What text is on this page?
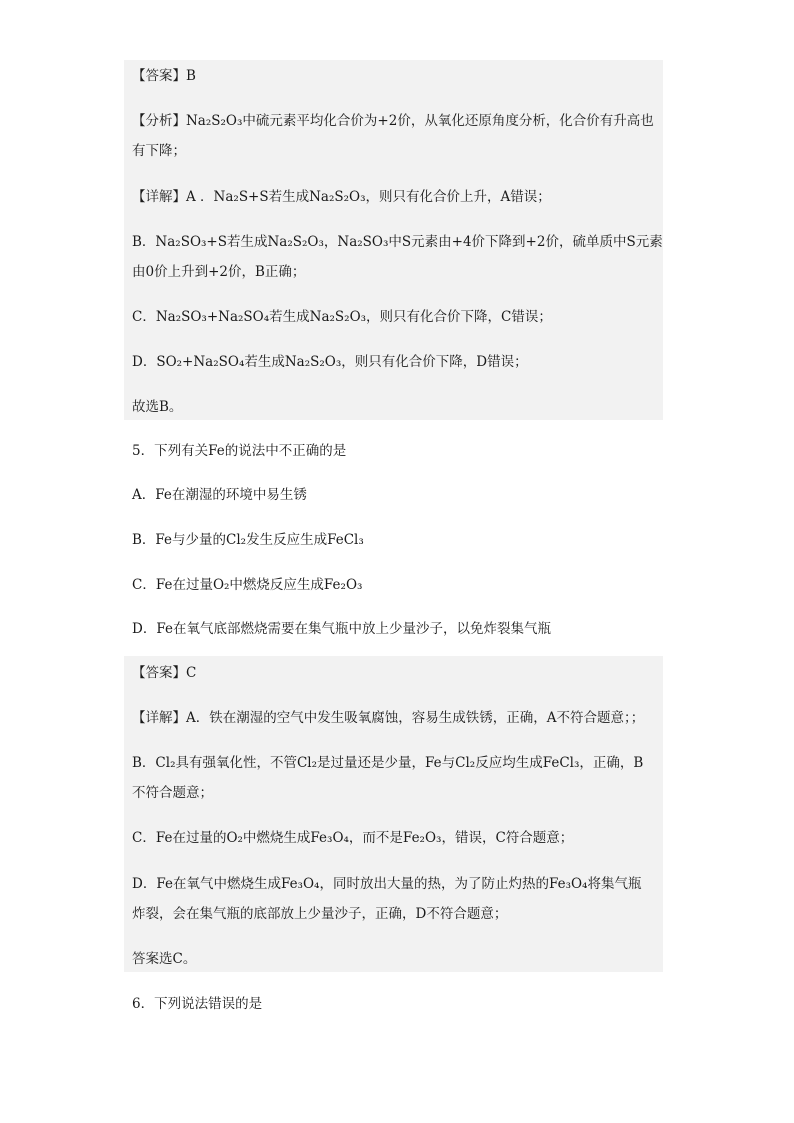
【答案】B
【分析】Na₂S₂O₃中硫元素平均化合价为+2价，从氧化还原角度分析，化合价有升高也
有下降；
【详解】A ．Na₂S+S若生成Na₂S₂O₃，则只有化合价上升，A错误；
B．Na₂SO₃+S若生成Na₂S₂O₃，Na₂SO₃中S元素由+4价下降到+2价，硫单质中S元素
由0价上升到+2价，B正确；
C．Na₂SO₃+Na₂SO₄若生成Na₂S₂O₃，则只有化合价下降，C错误；
D．SO₂+Na₂SO₄若生成Na₂S₂O₃，则只有化合价下降，D错误；
故选B。
5．下列有关Fe的说法中不正确的是
A．Fe在潮湿的环境中易生锈
B．Fe与少量的Cl₂发生反应生成FeCl₃
C．Fe在过量O₂中燃烧反应生成Fe₂O₃
D．Fe在氧气底部燃烧需要在集气瓶中放上少量沙子，以免炸裂集气瓶
【答案】C
【详解】A．铁在潮湿的空气中发生吸氧腐蚀，容易生成铁锈，正确，A不符合题意；；
B．Cl₂具有强氧化性，不管Cl₂是过量还是少量，Fe与Cl₂反应均生成FeCl₃，正确，B
不符合题意；
C．Fe在过量的O₂中燃烧生成Fe₃O₄，而不是Fe₂O₃，错误，C符合题意；
D．Fe在氧气中燃烧生成Fe₃O₄，同时放出大量的热，为了防止灼热的Fe₃O₄将集气瓶
炸裂，会在集气瓶的底部放上少量沙子，正确，D不符合题意；
答案选C。
6．下列说法错误的是
